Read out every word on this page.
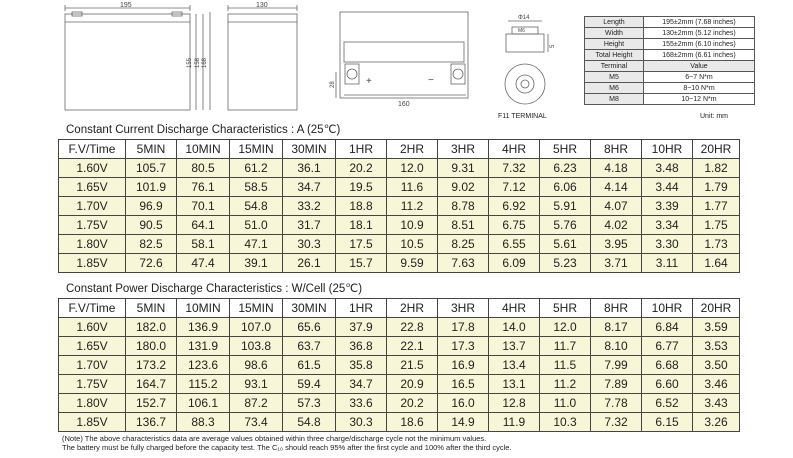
195
155 158 168
130
+	−
28
160
Φ14
M6
5
F11 TERMINAL
Length	195±2mm (7.68 inches)
Width	130±2mm (5.12 inches)
Height	155±2mm (6.10 inches)
Total Height	168±2mm (6.61 inches)
Terminal	Value
M5	6~7 N*m
M6	8~10 N*m
M8	10~12 N*m
Unit: mm
Constant Current Discharge Characteristics : A (25℃)
F.V/Time	5MIN	10MIN	15MIN	30MIN	1HR	2HR	3HR	4HR	5HR	8HR	10HR	20HR
1.60V	105.7	80.5	61.2	36.1	20.2	12.0	9.31	7.32	6.23	4.18	3.48	1.82
1.65V	101.9	76.1	58.5	34.7	19.5	11.6	9.02	7.12	6.06	4.14	3.44	1.79
1.70V	96.9	70.1	54.8	33.2	18.8	11.2	8.78	6.92	5.91	4.07	3.39	1.77
1.75V	90.5	64.1	51.0	31.7	18.1	10.9	8.51	6.75	5.76	4.02	3.34	1.75
1.80V	82.5	58.1	47.1	30.3	17.5	10.5	8.25	6.55	5.61	3.95	3.30	1.73
1.85V	72.6	47.4	39.1	26.1	15.7	9.59	7.63	6.09	5.23	3.71	3.11	1.64
Constant Power Discharge Characteristics : W/Cell (25℃)
F.V/Time	5MIN	10MIN	15MIN	30MIN	1HR	2HR	3HR	4HR	5HR	8HR	10HR	20HR
1.60V	182.0	136.9	107.0	65.6	37.9	22.8	17.8	14.0	12.0	8.17	6.84	3.59
1.65V	180.0	131.9	103.8	63.7	36.8	22.1	17.3	13.7	11.7	8.10	6.77	3.53
1.70V	173.2	123.6	98.6	61.5	35.8	21.5	16.9	13.4	11.5	7.99	6.68	3.50
1.75V	164.7	115.2	93.1	59.4	34.7	20.9	16.5	13.1	11.2	7.89	6.60	3.46
1.80V	152.7	106.1	87.2	57.3	33.6	20.2	16.0	12.8	11.0	7.78	6.52	3.43
1.85V	136.7	88.3	73.4	54.8	30.3	18.6	14.9	11.9	10.3	7.32	6.15	3.26
(Note) The above characteristics data are average values obtained within three charge/discharge cycle not the minimum values.
The battery must be fully charged before the capacity test. The C₁₀ should reach 95% after the first cycle and 100% after the third cycle.
